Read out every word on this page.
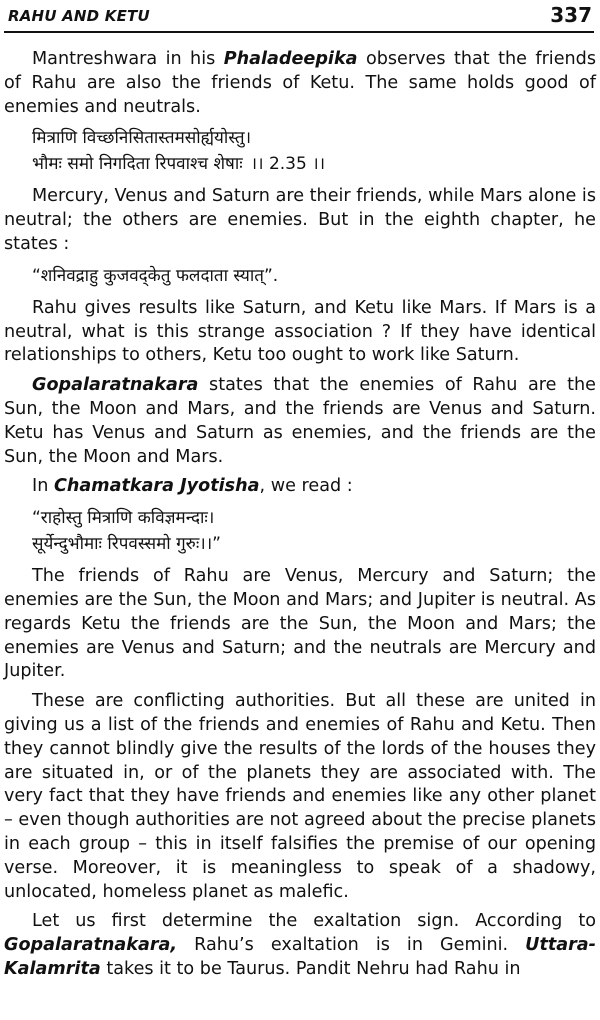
RAHU AND KETU	337

Mantreshwara in his Phaladeepika observes that the friends of Rahu are also the friends of Ketu. The same holds good of enemies and neutrals.

मित्राणि विच्छनिसितास्तमसोर्ह्ययोस्तु।
भौमः समो निगदिता रिपवाश्च शेषाः ।। 2.35 ।।

Mercury, Venus and Saturn are their friends, while Mars alone is neutral; the others are enemies. But in the eighth chapter, he states :

“शनिवद्राहु कुजवद्केतु फलदाता स्यात्”.

Rahu gives results like Saturn, and Ketu like Mars. If Mars is a neutral, what is this strange association ? If they have identical relationships to others, Ketu too ought to work like Saturn.

Gopalaratnakara states that the enemies of Rahu are the Sun, the Moon and Mars, and the friends are Venus and Saturn. Ketu has Venus and Saturn as enemies, and the friends are the Sun, the Moon and Mars.

In Chamatkara Jyotisha, we read :

“राहोस्तु मित्राणि कविज्ञमन्दाः।
सूर्येन्दुभौमाः रिपवस्समो गुरुः।।”

The friends of Rahu are Venus, Mercury and Saturn; the enemies are the Sun, the Moon and Mars; and Jupiter is neutral. As regards Ketu the friends are the Sun, the Moon and Mars; the enemies are Venus and Saturn; and the neutrals are Mercury and Jupiter.

These are conflicting authorities. But all these are united in giving us a list of the friends and enemies of Rahu and Ketu. Then they cannot blindly give the results of the lords of the houses they are situated in, or of the planets they are associated with. The very fact that they have friends and enemies like any other planet – even though authorities are not agreed about the precise planets in each group – this in itself falsifies the premise of our opening verse. Moreover, it is meaningless to speak of a shadowy, unlocated, homeless planet as malefic.

Let us first determine the exaltation sign. According to Gopalaratnakara, Rahu’s exaltation is in Gemini. Uttara-Kalamrita takes it to be Taurus. Pandit Nehru had Rahu in
